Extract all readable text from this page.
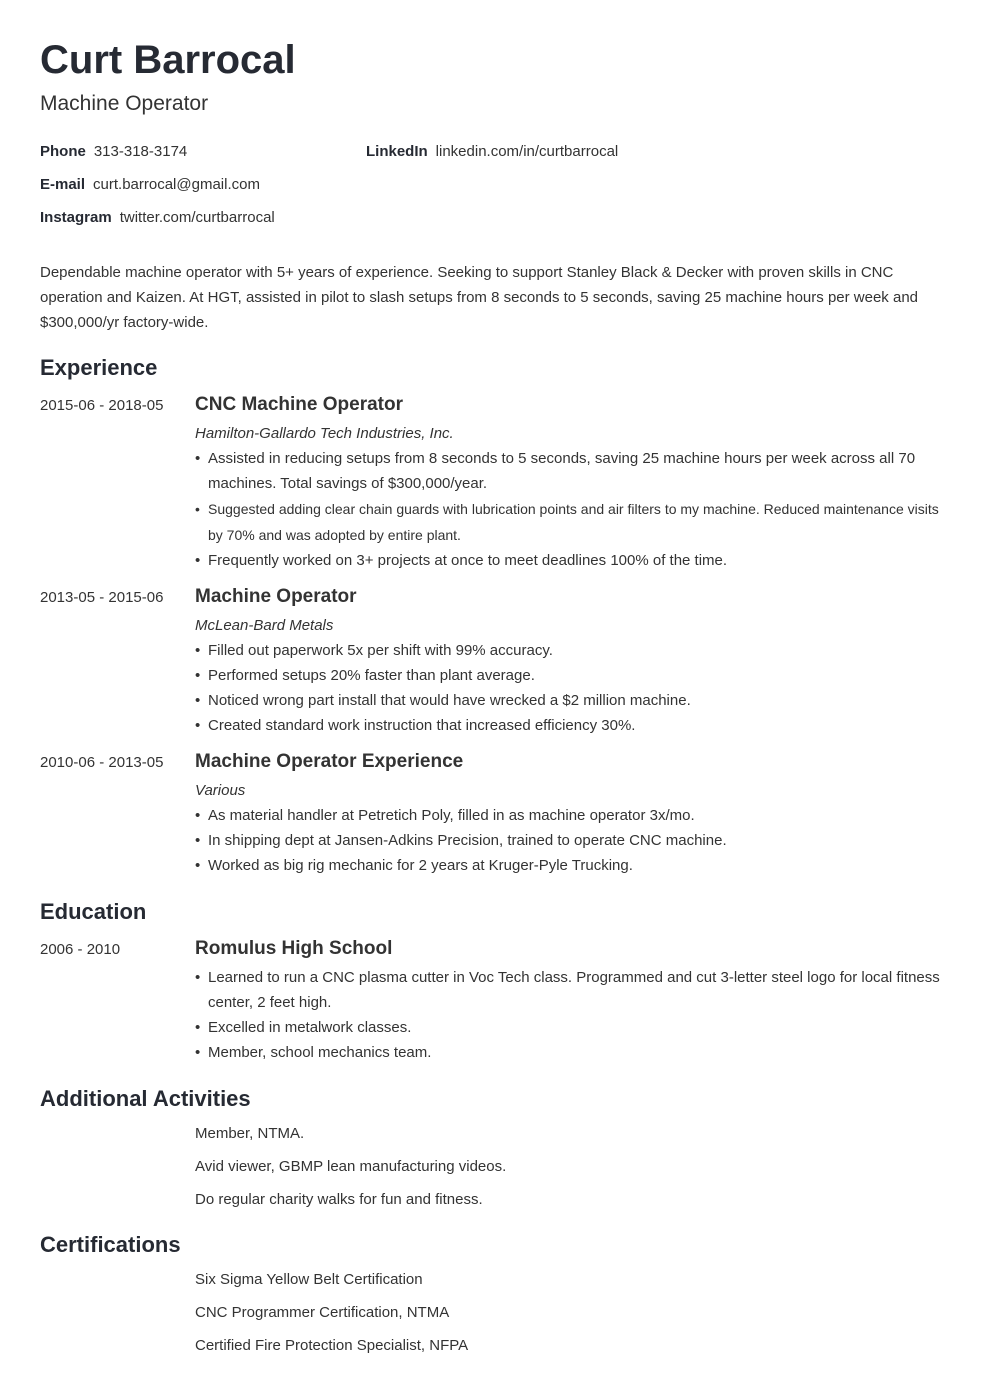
Curt Barrocal
Machine Operator
Phone 313-318-3174	LinkedIn linkedin.com/in/curtbarrocal
E-mail curt.barrocal@gmail.com
Instagram twitter.com/curtbarrocal

Dependable machine operator with 5+ years of experience. Seeking to support Stanley Black & Decker with proven skills in CNC operation and Kaizen. At HGT, assisted in pilot to slash setups from 8 seconds to 5 seconds, saving 25 machine hours per week and $300,000/yr factory-wide.

Experience
2015-06 - 2018-05 CNC Machine Operator
Hamilton-Gallardo Tech Industries, Inc.
• Assisted in reducing setups from 8 seconds to 5 seconds, saving 25 machine hours per week across all 70 machines. Total savings of $300,000/year.
• Suggested adding clear chain guards with lubrication points and air filters to my machine. Reduced maintenance visits by 70% and was adopted by entire plant.
• Frequently worked on 3+ projects at once to meet deadlines 100% of the time.
2013-05 - 2015-06 Machine Operator
McLean-Bard Metals
• Filled out paperwork 5x per shift with 99% accuracy.
• Performed setups 20% faster than plant average.
• Noticed wrong part install that would have wrecked a $2 million machine.
• Created standard work instruction that increased efficiency 30%.
2010-06 - 2013-05 Machine Operator Experience
Various
• As material handler at Petretich Poly, filled in as machine operator 3x/mo.
• In shipping dept at Jansen-Adkins Precision, trained to operate CNC machine.
• Worked as big rig mechanic for 2 years at Kruger-Pyle Trucking.
Education
2006 - 2010	Romulus High School
• Learned to run a CNC plasma cutter in Voc Tech class. Programmed and cut 3-letter steel logo for local fitness center, 2 feet high.
• Excelled in metalwork classes.
• Member, school mechanics team.
Additional Activities
Member, NTMA.
Avid viewer, GBMP lean manufacturing videos.
Do regular charity walks for fun and fitness.
Certifications
Six Sigma Yellow Belt Certification
CNC Programmer Certification, NTMA
Certified Fire Protection Specialist, NFPA
